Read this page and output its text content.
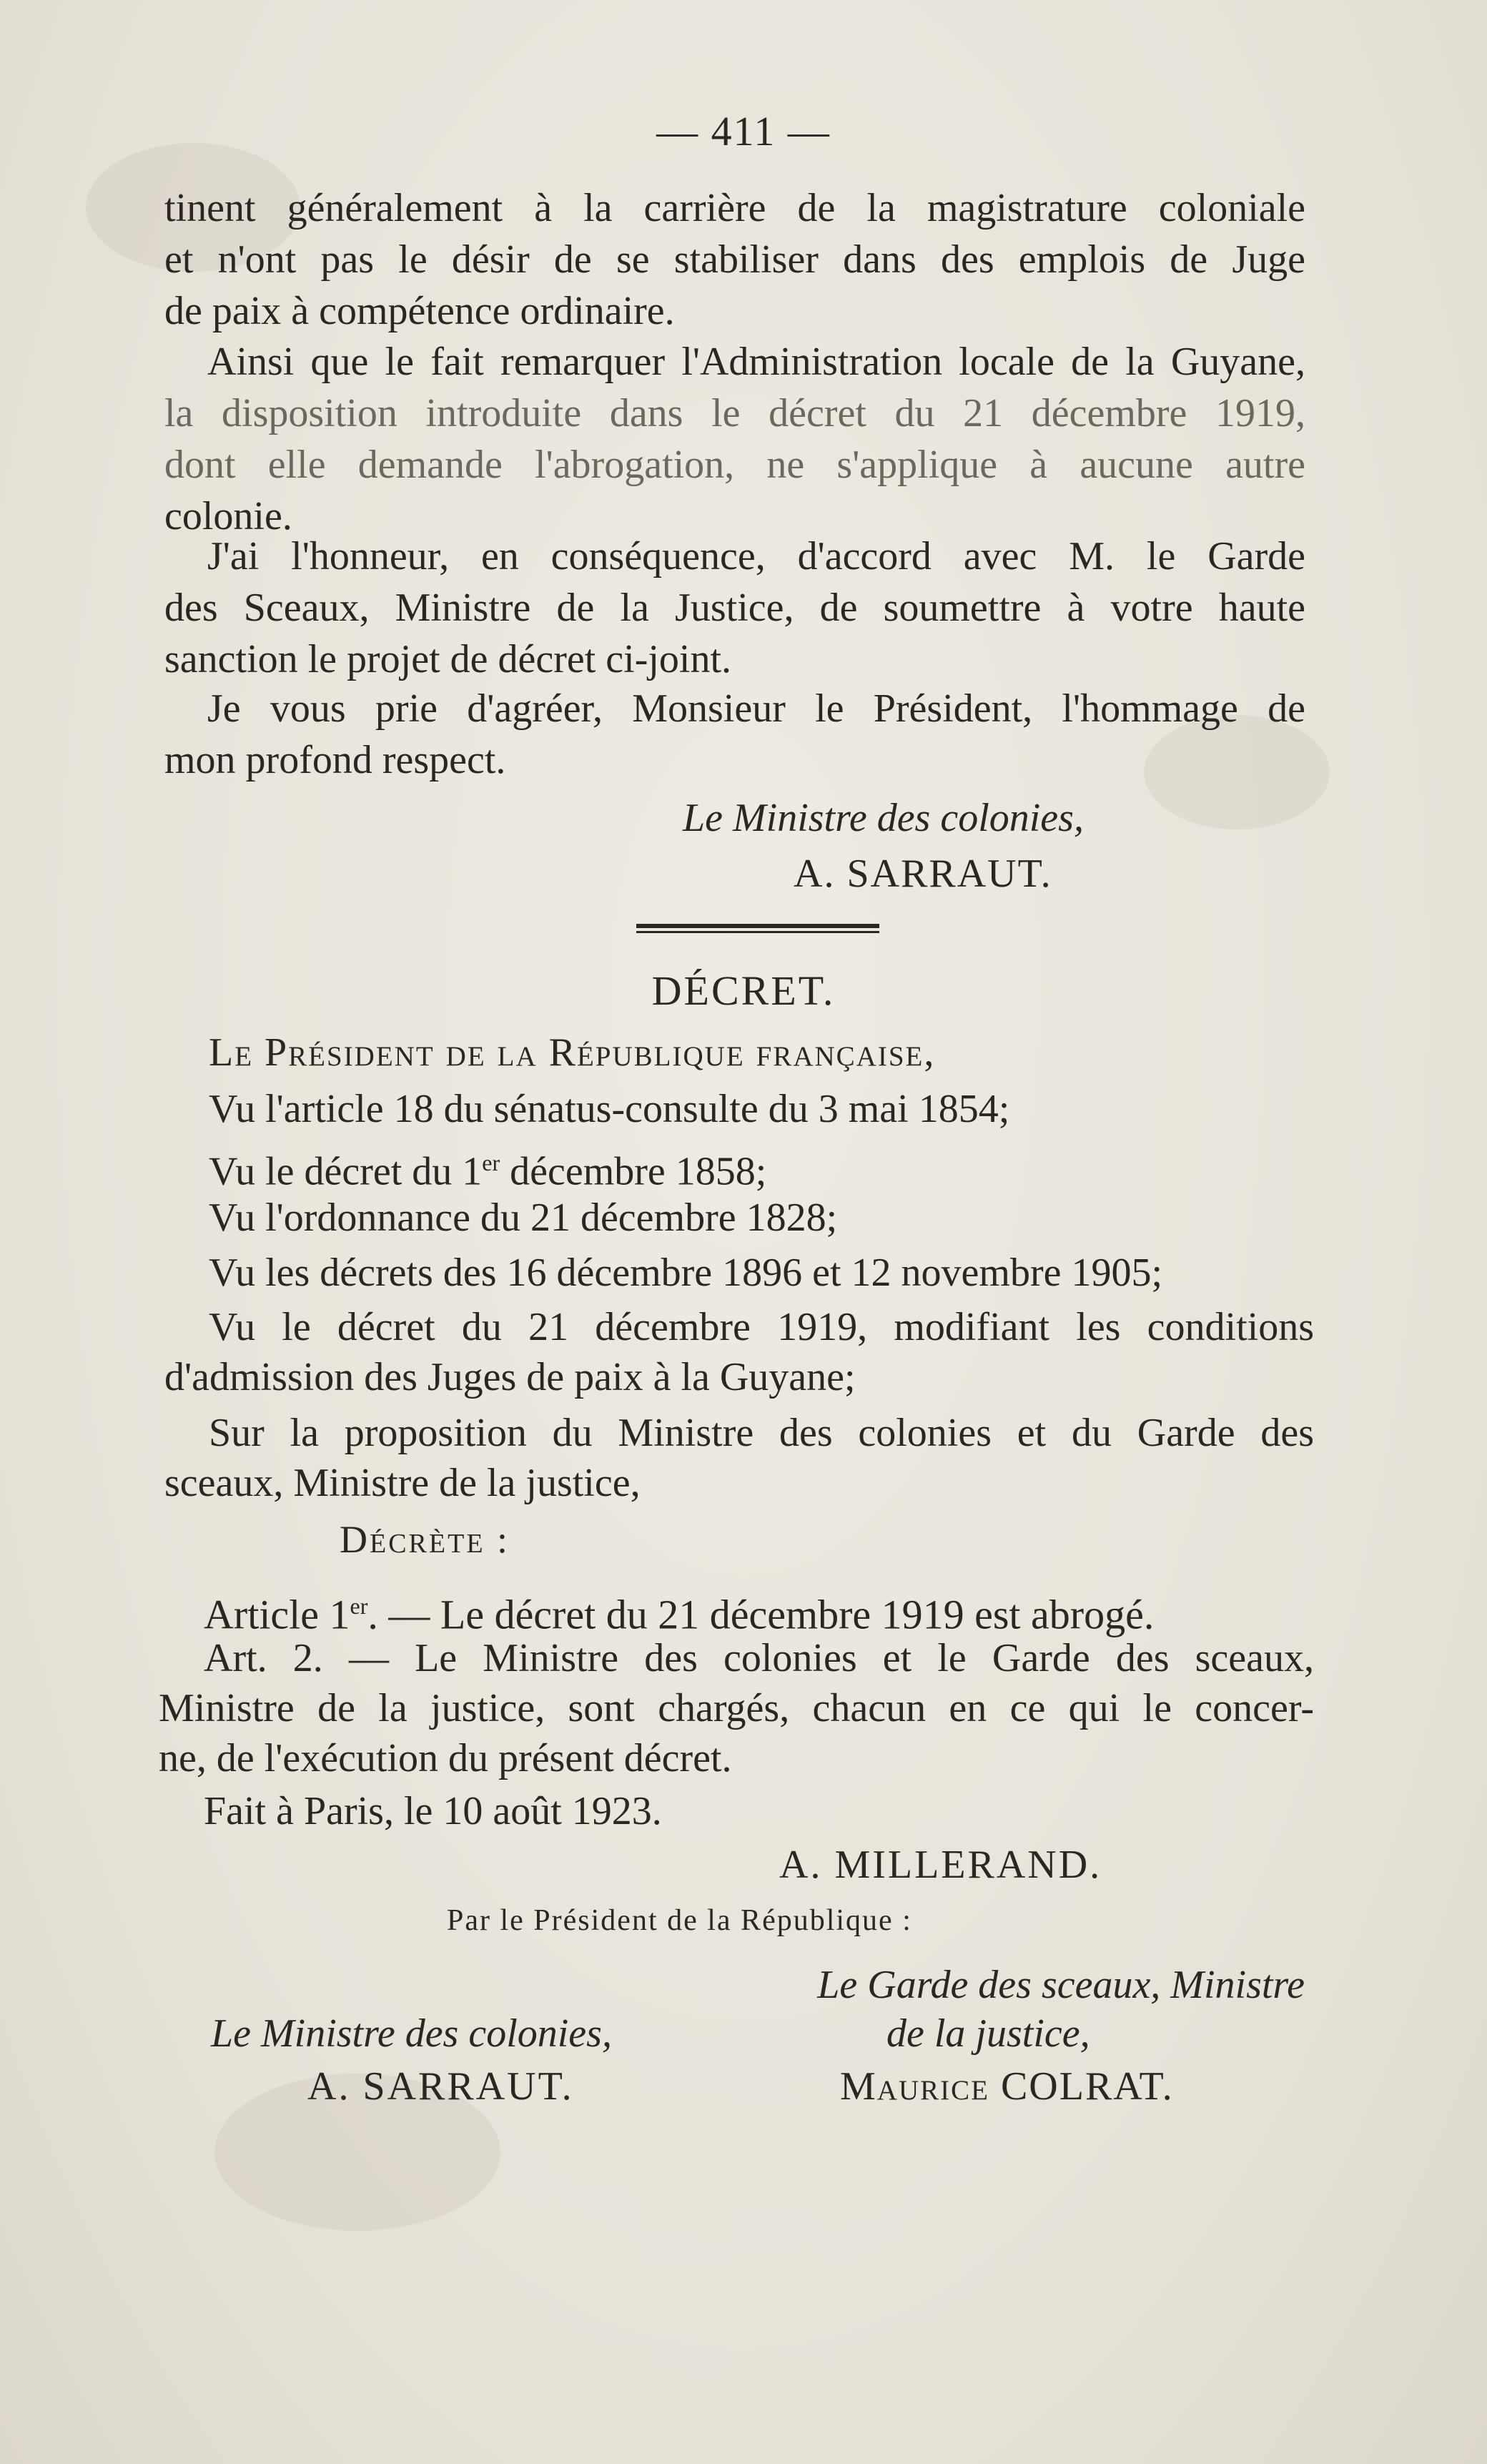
— 411 —
tinent généralement à la carrière de la magistrature coloniale
et n'ont pas le désir de se stabiliser dans des emplois de Juge
de paix à compétence ordinaire.
Ainsi que le fait remarquer l'Administration locale de la Guyane,
la disposition introduite dans le décret du 21 décembre 1919,
dont elle demande l'abrogation, ne s'applique à aucune autre
colonie.
J'ai l'honneur, en conséquence, d'accord avec M. le Garde
des Sceaux, Ministre de la Justice, de soumettre à votre haute
sanction le projet de décret ci-joint.
Je vous prie d'agréer, Monsieur le Président, l'hommage de
mon profond respect.
Le Ministre des colonies,
A. SARRAUT.
DÉCRET.
Le Président de la République française,
Vu l'article 18 du sénatus-consulte du 3 mai 1854;
Vu le décret du 1er décembre 1858;
Vu l'ordonnance du 21 décembre 1828;
Vu les décrets des 16 décembre 1896 et 12 novembre 1905;
Vu le décret du 21 décembre 1919, modifiant les conditions
d'admission des Juges de paix à la Guyane;
Sur la proposition du Ministre des colonies et du Garde des
sceaux, Ministre de la justice,
Décrète :
Article 1er. — Le décret du 21 décembre 1919 est abrogé.
Art. 2. — Le Ministre des colonies et le Garde des sceaux,
Ministre de la justice, sont chargés, chacun en ce qui le concer-
ne, de l'exécution du présent décret.
Fait à Paris, le 10 août 1923.
A. MILLERAND.
Par le Président de la République :
Le Garde des sceaux, Ministre
Le Ministre des colonies,	de la justice,
A. SARRAUT.	Maurice COLRAT.
